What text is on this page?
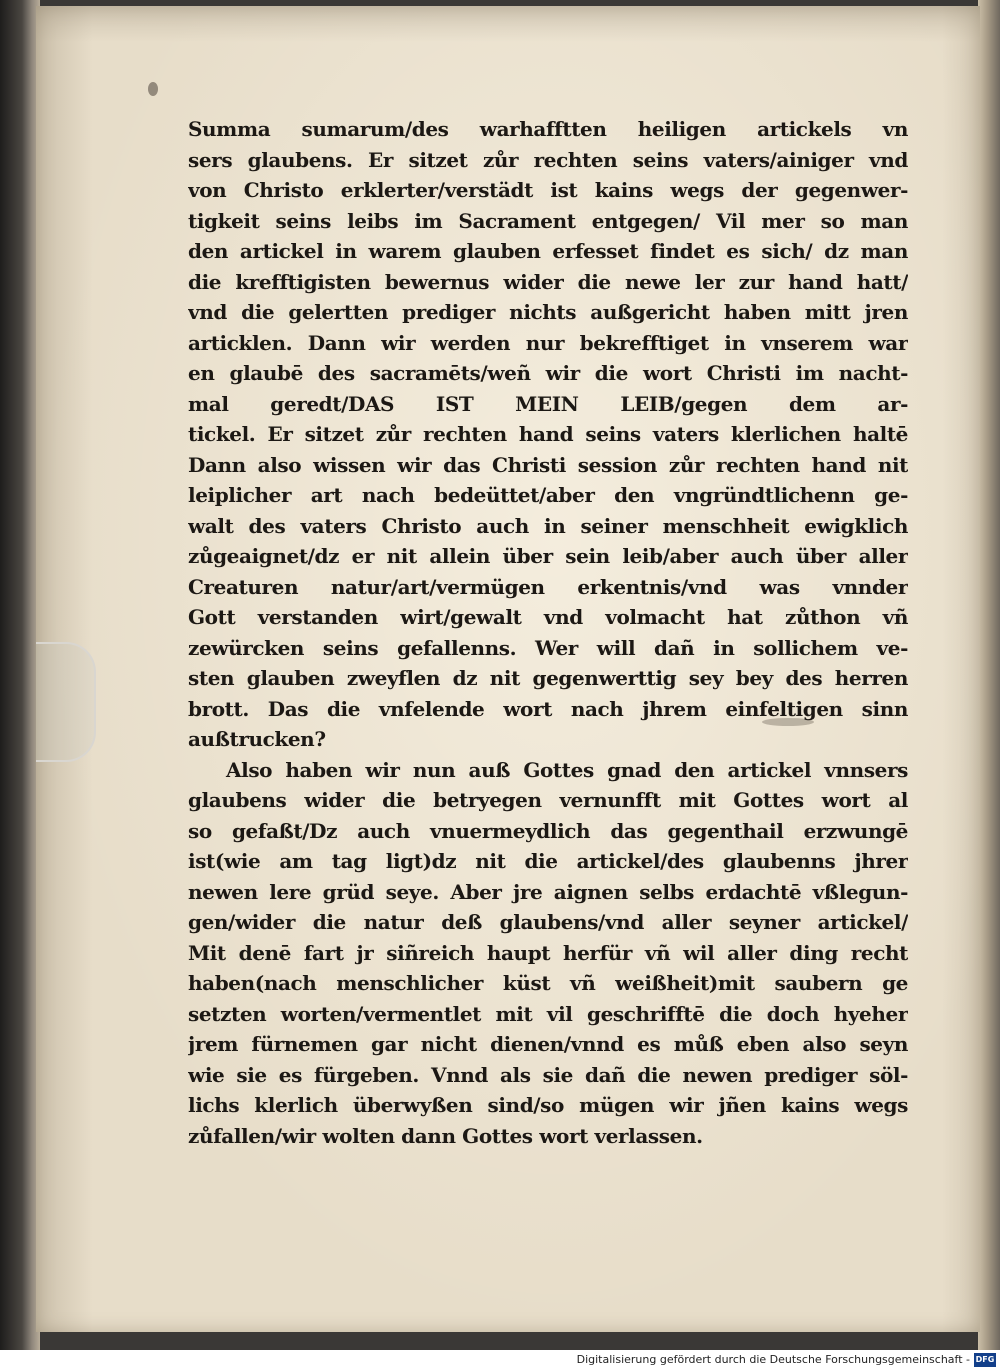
Summa sumarum/des warhafftten heiligen artickels vn
sers glaubens. Er sitzet zůr rechten seins vaters/ainiger vnd
von Christo erklerter/verstädt ist kains wegs der gegenwer-
tigkeit seins leibs im Sacrament entgegen/ Vil mer so man
den artickel in warem glauben erfesset findet es sich/ dz man
die krefftigisten bewernus wider die newe ler zur hand hatt/
vnd die gelertten prediger nichts außgericht haben mitt jren
articklen. Dann wir werden nur bekrefftiget in vnserem war
en glaubē des sacramēts/weñ wir die wort Christi im nacht-
mal geredt/DAS IST MEIN LEIB/gegen dem ar-
tickel. Er sitzet zůr rechten hand seins vaters klerlichen haltē
Dann also wissen wir das Christi session zůr rechten hand nit
leiplicher art nach bedeüttet/aber den vngründtlichenn ge-
walt des vaters Christo auch in seiner menschheit ewigklich
zůgeaignet/dz er nit allein über sein leib/aber auch über aller
Creaturen natur/art/vermügen erkentnis/vnd was vnnder
Gott verstanden wirt/gewalt vnd volmacht hat zůthon vñ
zewürcken seins gefallenns. Wer will dañ in sollichem ve-
sten glauben zweyflen dz nit gegenwerttig sey bey des herren
brott. Das die vnfelende wort nach jhrem einfeltigen sinn
außtrucken?
Also haben wir nun auß Gottes gnad den artickel vnnsers
glaubens wider die betryegen vernunfft mit Gottes wort al
so gefaßt/Dz auch vnuermeydlich das gegenthail erzwungē
ist(wie am tag ligt)dz nit die artickel/des glaubenns jhrer
newen lere grüd seye. Aber jre aignen selbs erdachtē vßlegun-
gen/wider die natur deß glaubens/vnd aller seyner artickel/
Mit denē fart jr siñreich haupt herfür vñ wil aller ding recht
haben(nach menschlicher küst vñ weißheit)mit saubern ge
setzten worten/vermentlet mit vil geschrifftē die doch hyeher
jrem fürnemen gar nicht dienen/vnnd es můß eben also seyn
wie sie es fürgeben. Vnnd als sie dañ die newen prediger söl-
lichs klerlich überwyßen sind/so mügen wir jñen kains wegs
zůfallen/wir wolten dann Gottes wort verlassen.
Digitalisierung gefördert durch die Deutsche Forschungsgemeinschaft - DFG
